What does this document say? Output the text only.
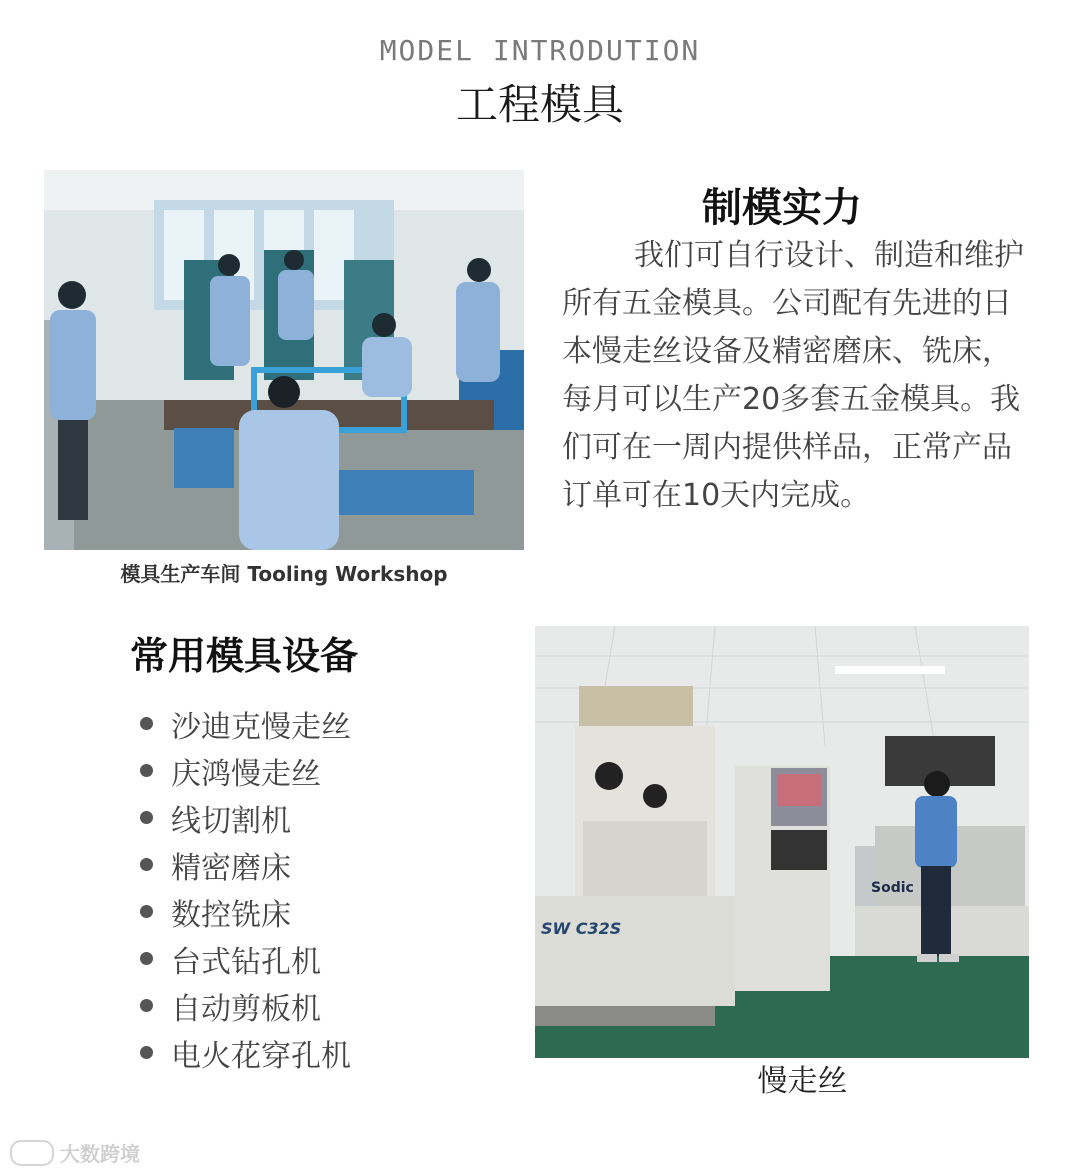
MODEL INTRODUTION
工程模具
模具生产车间 Tooling Workshop
制模实力
我们可自行设计、制造和维护所有五金模具。公司配有先进的日本慢走丝设备及精密磨床、铣床，每月可以生产20多套五金模具。我们可在一周内提供样品，正常产品订单可在10天内完成。
常用模具设备
沙迪克慢走丝
庆鸿慢走丝
线切割机
精密磨床
数控铣床
台式钻孔机
自动剪板机
电火花穿孔机
SW C32S
Sodic
慢走丝
大数跨境
